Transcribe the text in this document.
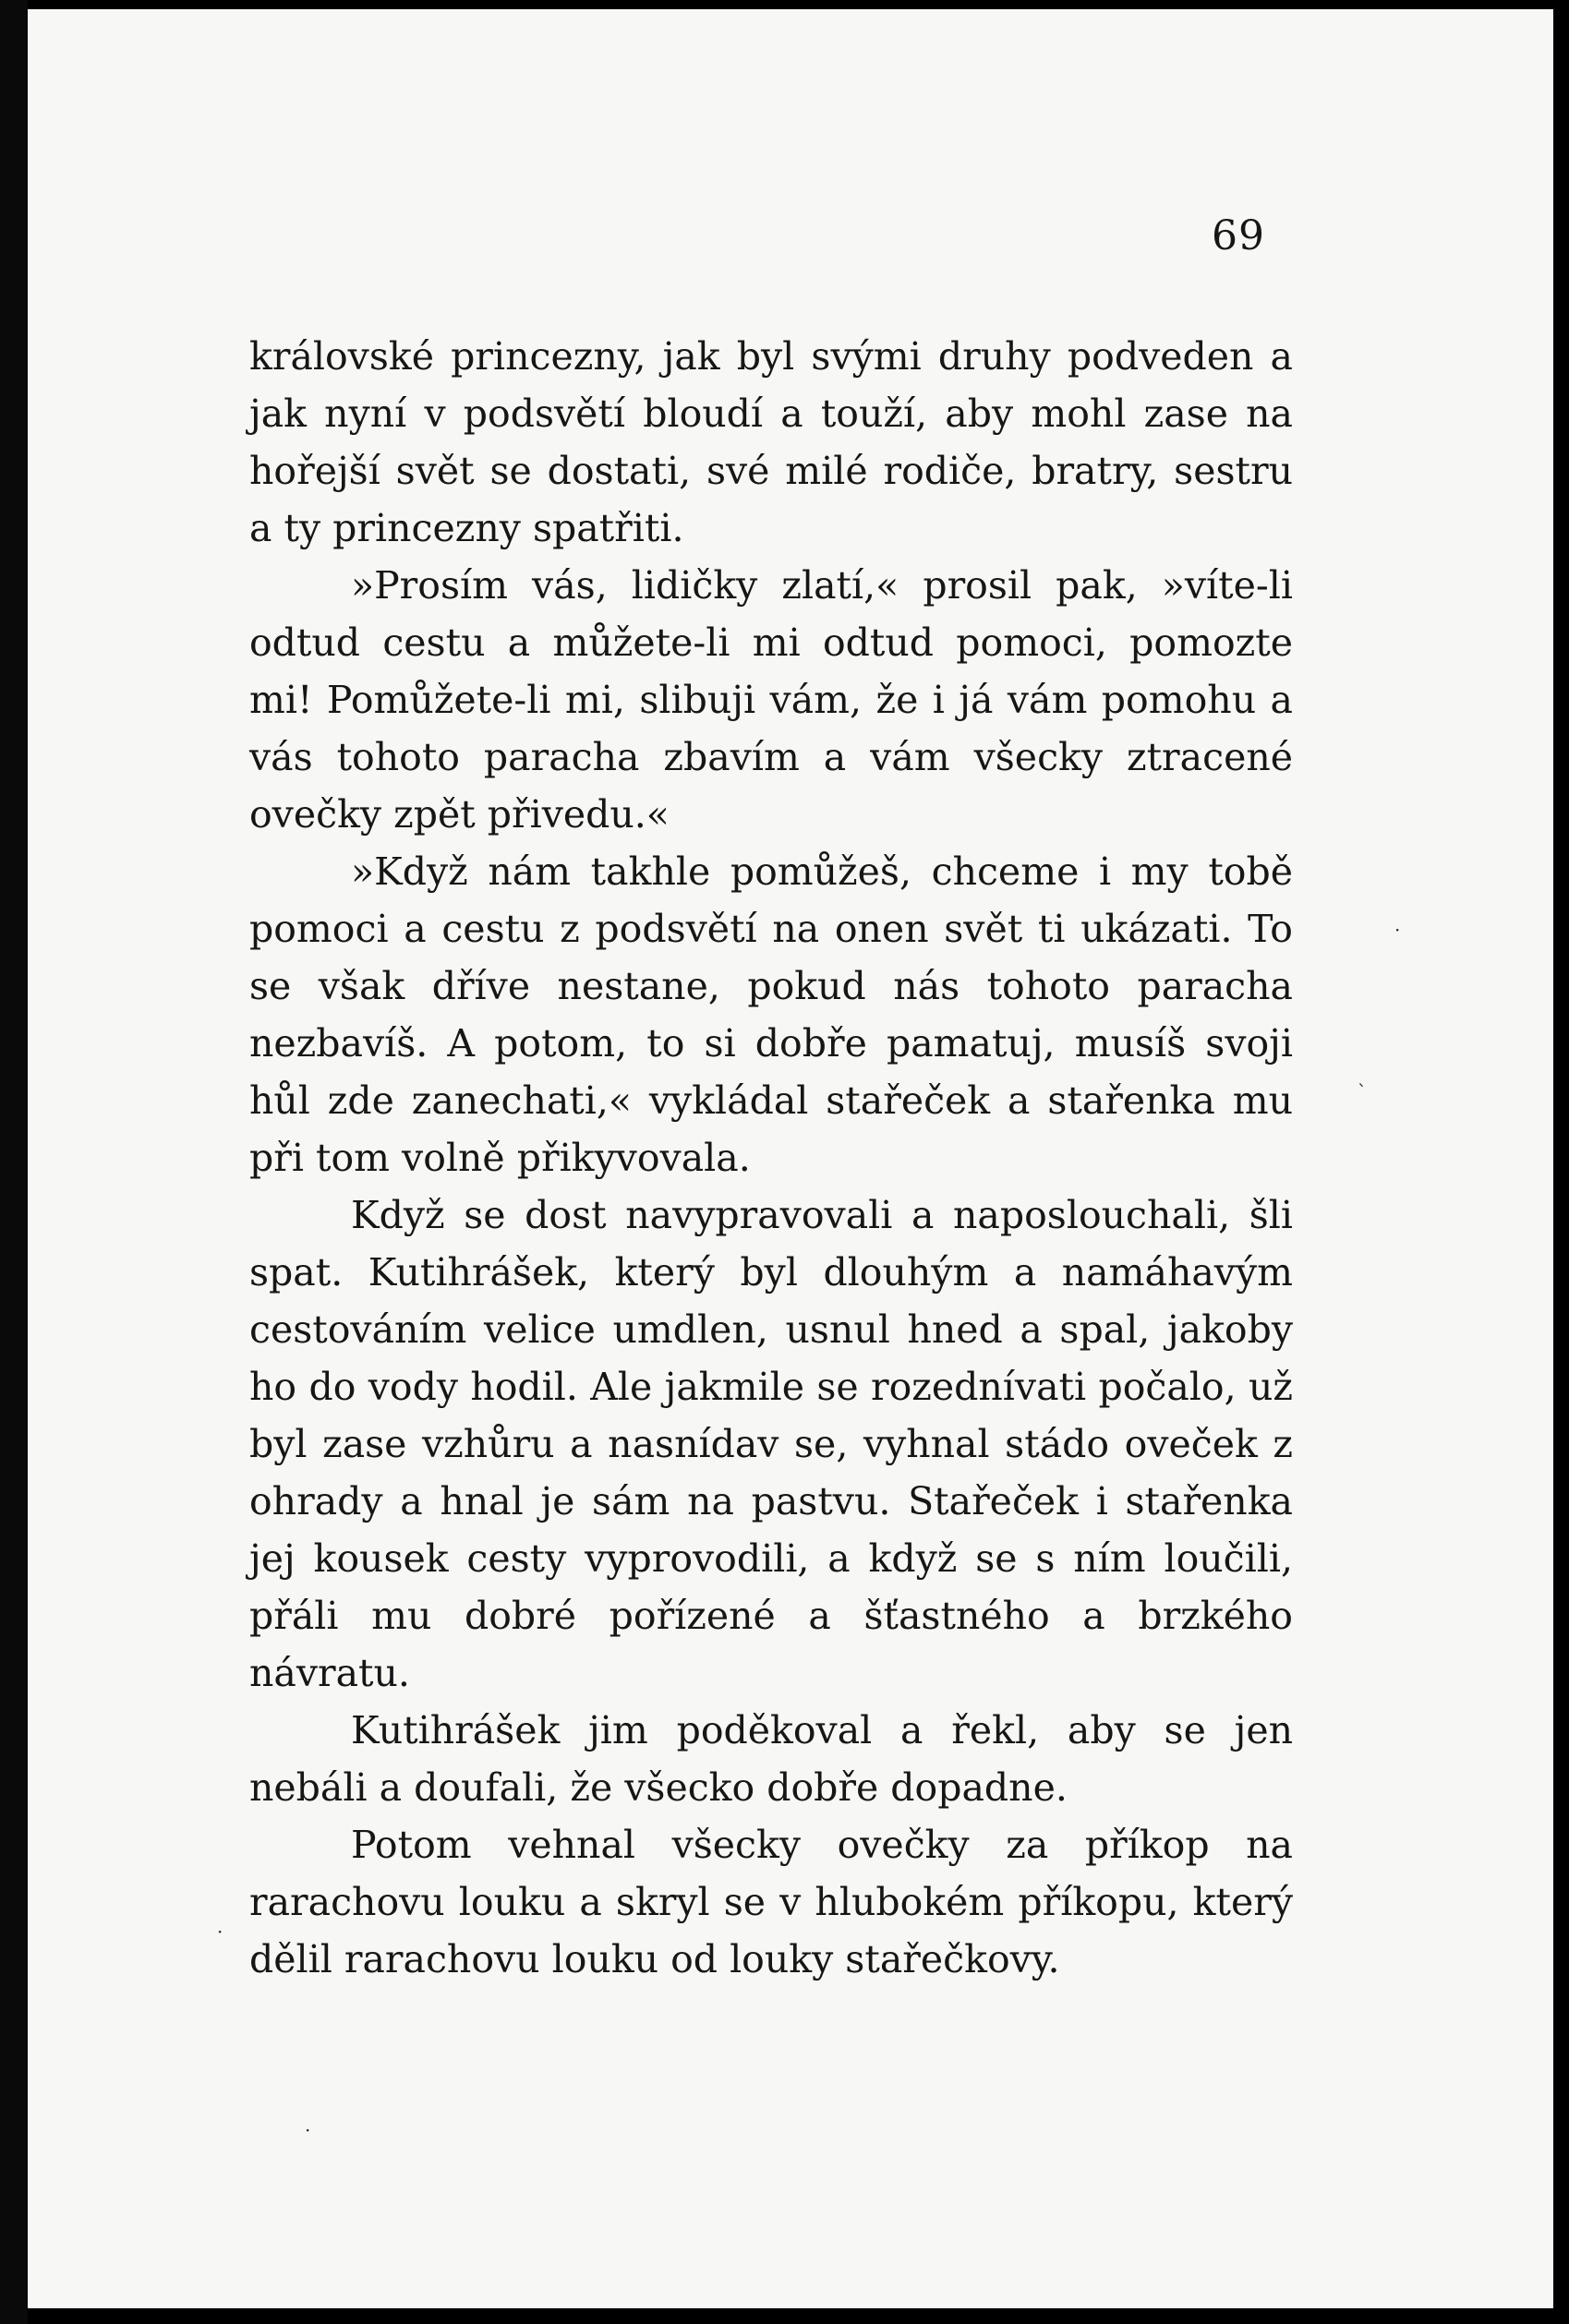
69

královské princezny, jak byl svými druhy podveden a jak nyní v podsvětí bloudí a touží, aby mohl zase na hořejší svět se dostati, své milé rodiče, bratry, sestru a ty princezny spatřiti.

»Prosím vás, lidičky zlatí,« prosil pak, »víte-li odtud cestu a můžete-li mi odtud pomoci, pomozte mi! Pomůžete-li mi, slibuji vám, že i já vám pomohu a vás tohoto paracha zbavím a vám všecky ztracené ovečky zpět přivedu.«

»Když nám takhle pomůžeš, chceme i my tobě pomoci a cestu z podsvětí na onen svět ti ukázati. To se však dříve nestane, pokud nás tohoto paracha nezbavíš. A potom, to si dobře pamatuj, musíš svoji hůl zde zanechati,« vykládal stařeček a stařenka mu při tom volně přikyvovala.

Když se dost navypravovali a naposlouchali, šli spat. Kutihrášek, který byl dlouhým a namáhavým cestováním velice umdlen, usnul hned a spal, jakoby ho do vody hodil. Ale jakmile se rozednívati počalo, už byl zase vzhůru a nasnídav se, vyhnal stádo oveček z ohrady a hnal je sám na pastvu. Stařeček i stařenka jej kousek cesty vyprovodili, a když se s ním loučili, přáli mu dobré pořízené a šťastného a brzkého návratu.

Kutihrášek jim poděkoval a řekl, aby se jen nebáli a doufali, že všecko dobře dopadne.

Potom vehnal všecky ovečky za příkop na rarachovu louku a skryl se v hlubokém příkopu, který dělil rarachovu louku od louky stařečkovy.

·
`
·
·
